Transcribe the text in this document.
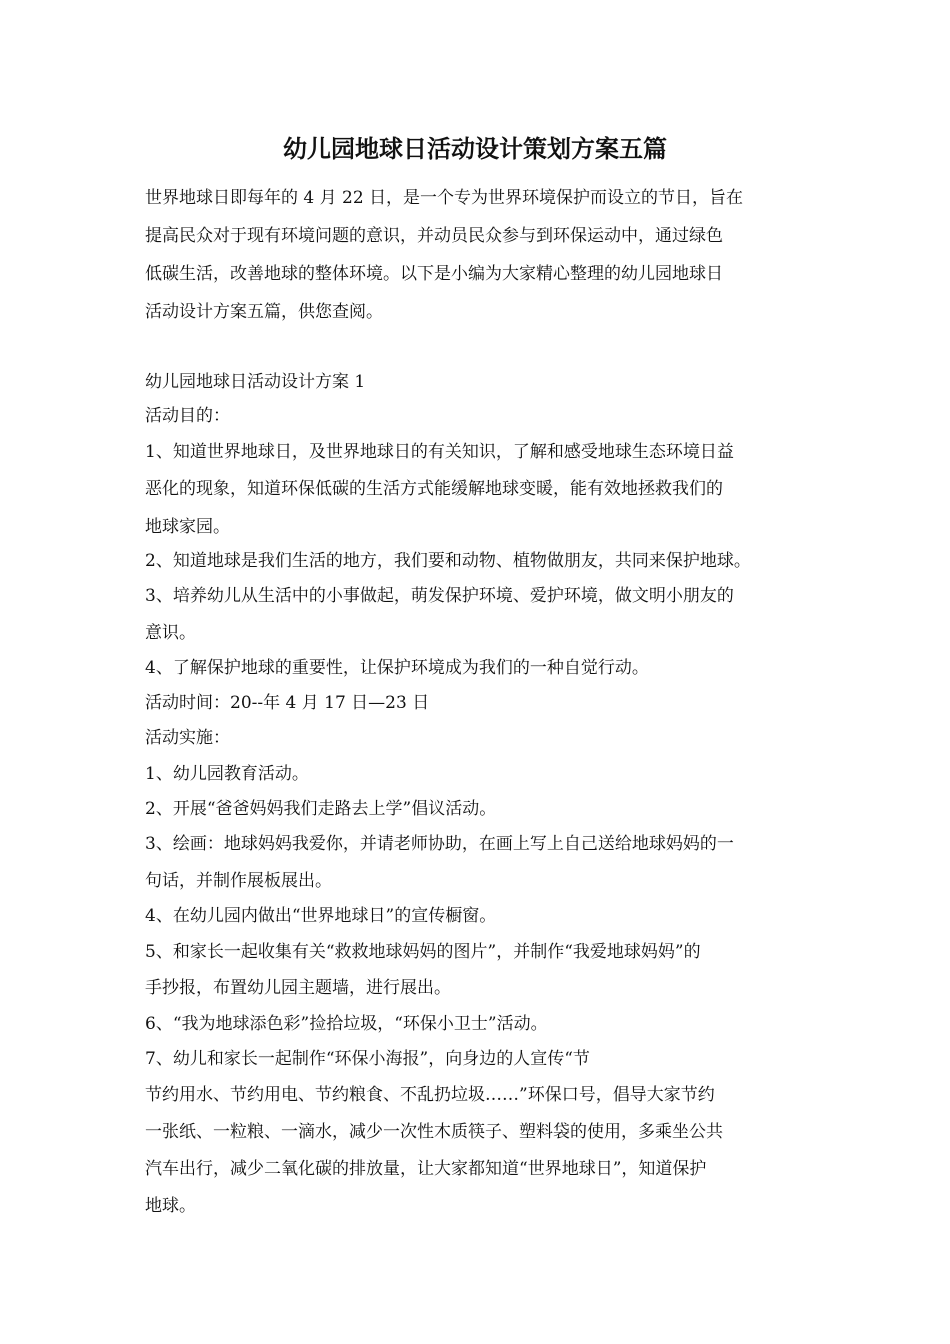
幼儿园地球日活动设计策划方案五篇

世界地球日即每年的 4 月 22 日，是一个专为世界环境保护而设立的节日，旨在

提高民众对于现有环境问题的意识，并动员民众参与到环保运动中，通过绿色

低碳生活，改善地球的整体环境。以下是小编为大家精心整理的幼儿园地球日

活动设计方案五篇，供您查阅。

幼儿园地球日活动设计方案 1

活动目的：

1、知道世界地球日，及世界地球日的有关知识，了解和感受地球生态环境日益

恶化的现象，知道环保低碳的生活方式能缓解地球变暖，能有效地拯救我们的

地球家园。

2、知道地球是我们生活的地方，我们要和动物、植物做朋友，共同来保护地球。

3、培养幼儿从生活中的小事做起，萌发保护环境、爱护环境，做文明小朋友的

意识。

4、了解保护地球的重要性，让保护环境成为我们的一种自觉行动。

活动时间：20--年 4 月 17 日—23 日

活动实施：

1、幼儿园教育活动。

2、开展“爸爸妈妈我们走路去上学”倡议活动。

3、绘画：地球妈妈我爱你，并请老师协助，在画上写上自己送给地球妈妈的一

句话，并制作展板展出。

4、在幼儿园内做出“世界地球日”的宣传橱窗。

5、和家长一起收集有关“救救地球妈妈的图片”，并制作“我爱地球妈妈”的

手抄报，布置幼儿园主题墙，进行展出。

6、“我为地球添色彩”捡拾垃圾，“环保小卫士”活动。

7、幼儿和家长一起制作“环保小海报”，向身边的人宣传“节

节约用水、节约用电、节约粮食、不乱扔垃圾……”环保口号，倡导大家节约

一张纸、一粒粮、一滴水，减少一次性木质筷子、塑料袋的使用，多乘坐公共

汽车出行，减少二氧化碳的排放量，让大家都知道“世界地球日”，知道保护

地球。
